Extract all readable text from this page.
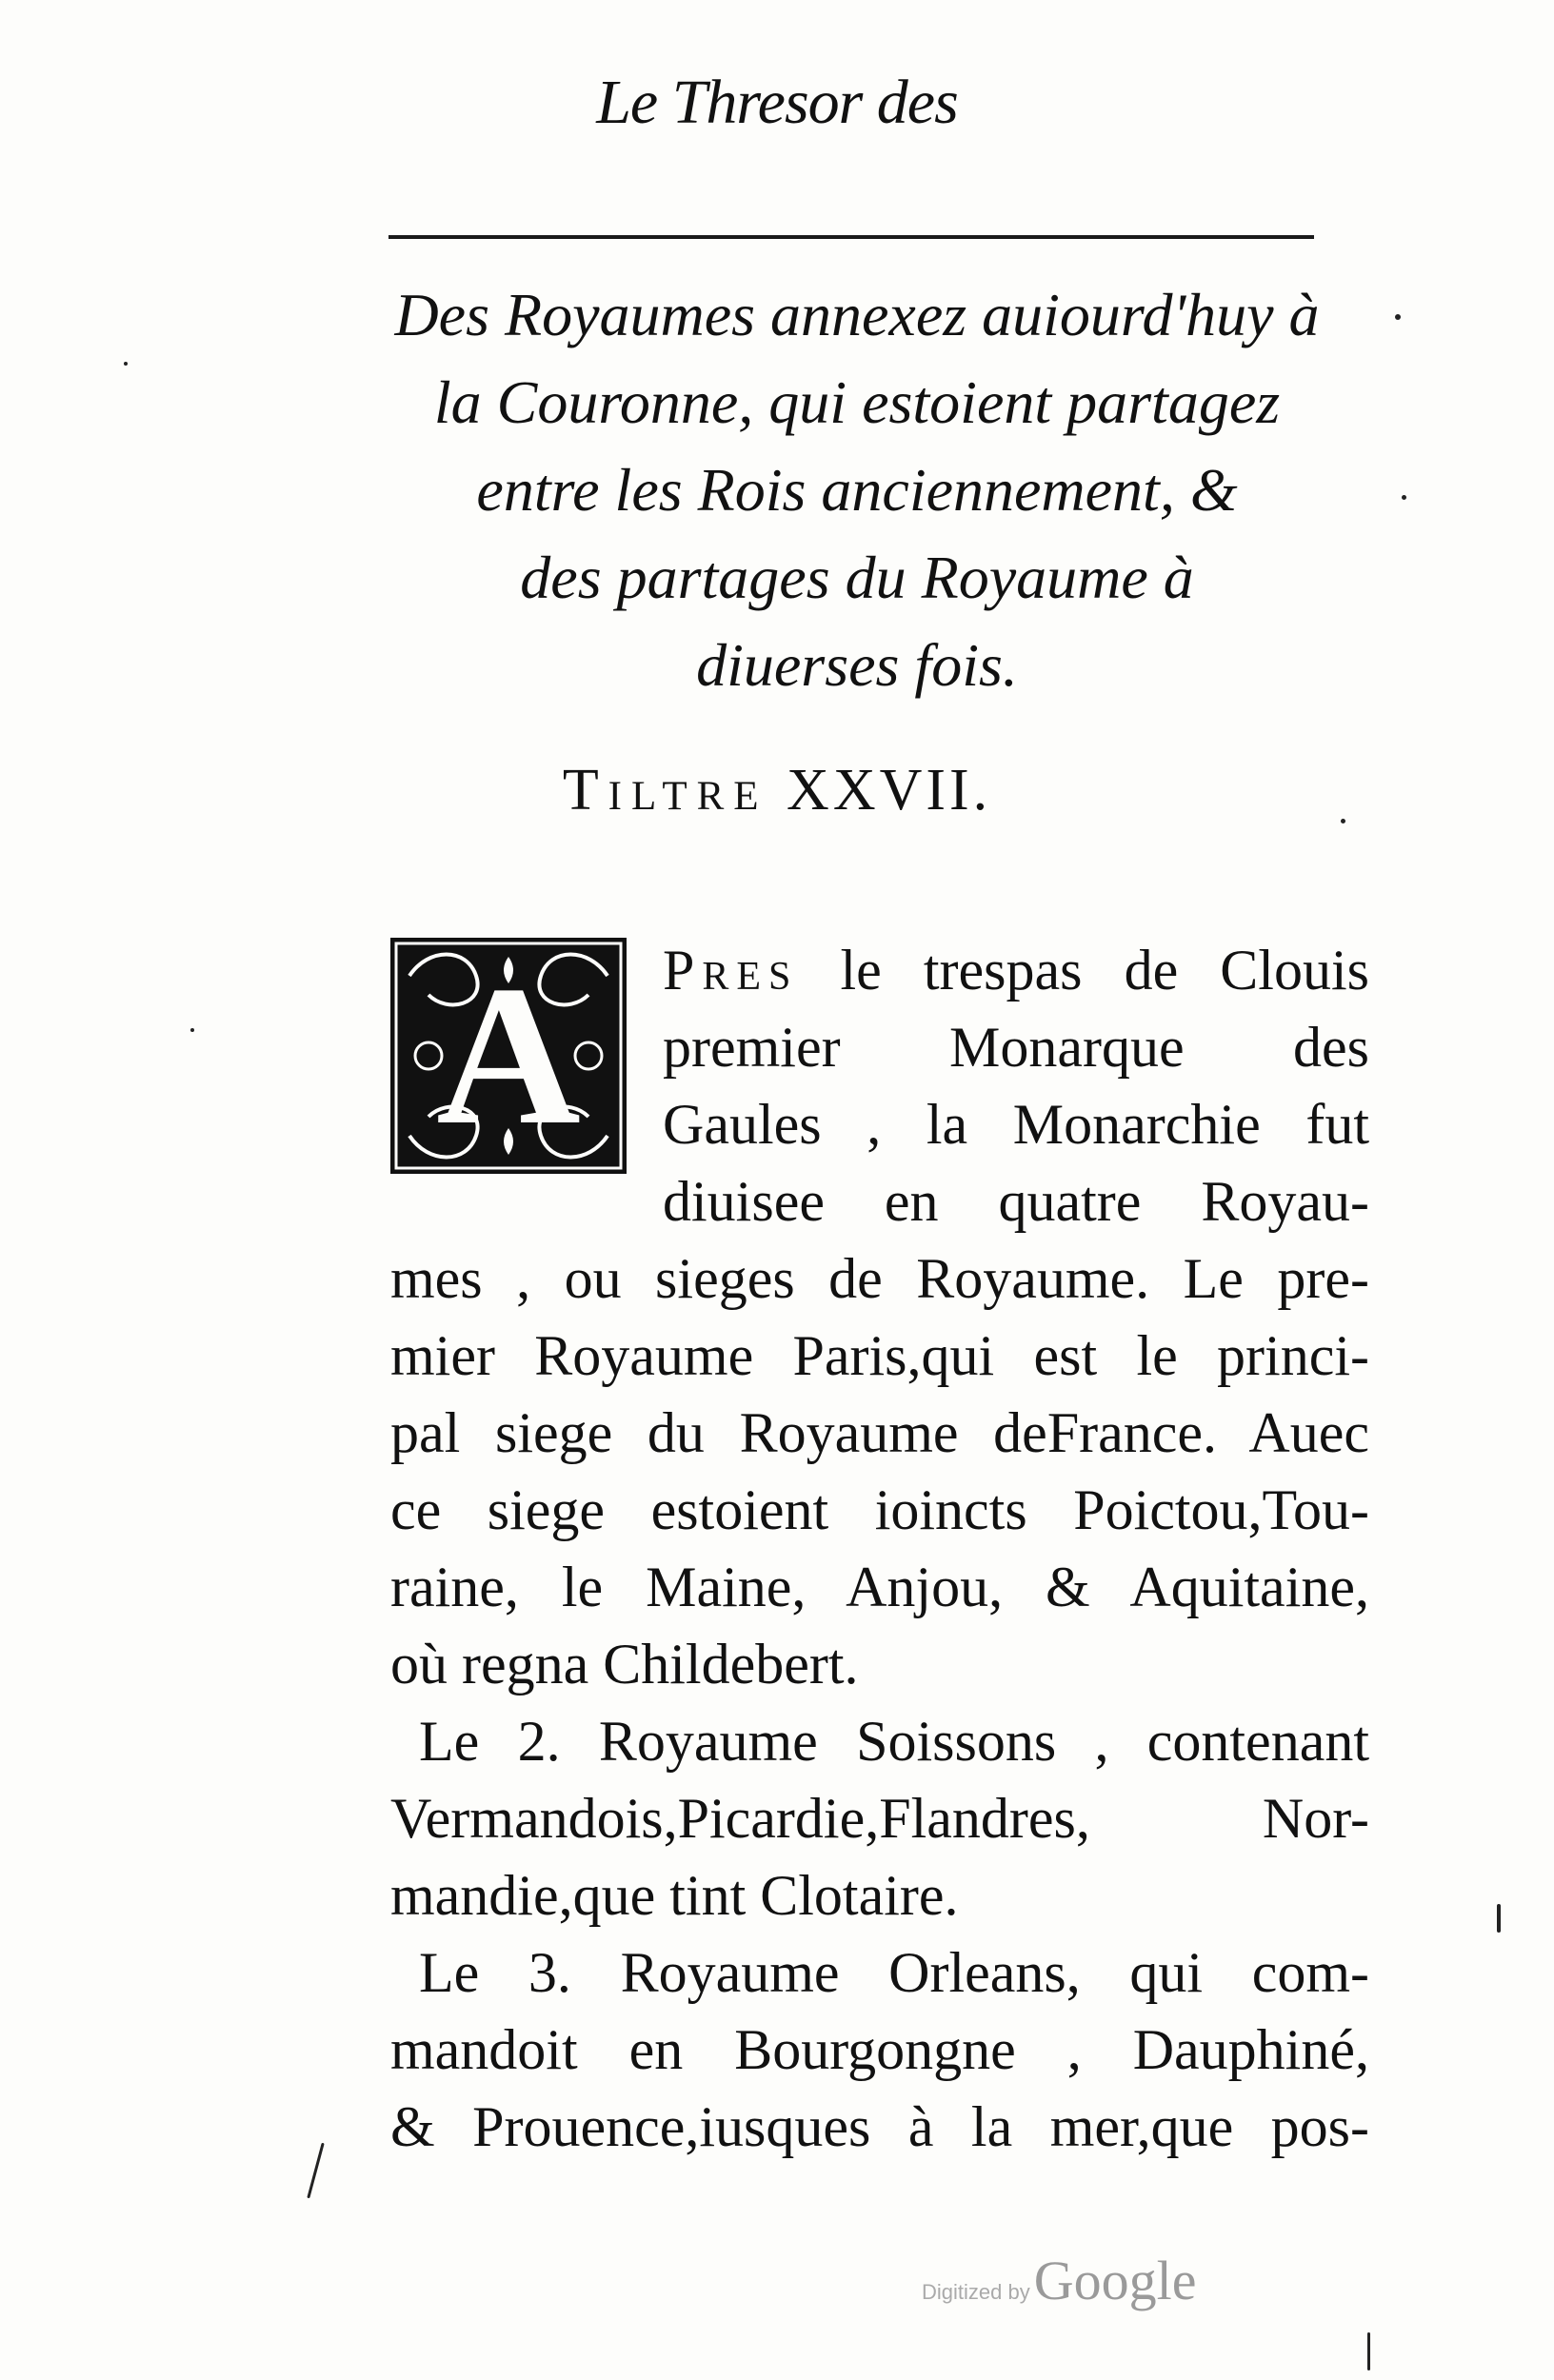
Le Thresor des
Des Royaumes annexez auiourd'huy à
la Couronne, qui estoient partagez
entre les Rois anciennement, &
des partages du Royaume à
diuerses fois.
Tiltre XXVII.
A Pres le trespas de Clouis
premier Monarque des
Gaules , la Monarchie fut
diuisee en quatre Royau-
mes , ou sieges de Royaume. Le pre-
mier Royaume Paris,qui est le princi-
pal siege du Royaume deFrance. Auec
ce siege estoient ioincts Poictou,Tou-
raine, le Maine, Anjou, & Aquitaine,
où regna Childebert.
Le 2. Royaume Soissons , contenant
Vermandois,Picardie,Flandres, Nor-
mandie,que tint Clotaire.
Le 3. Royaume Orleans, qui com-
mandoit en Bourgongne , Dauphiné,
& Prouence,iusques à la mer,que pos-
Digitized by Google
